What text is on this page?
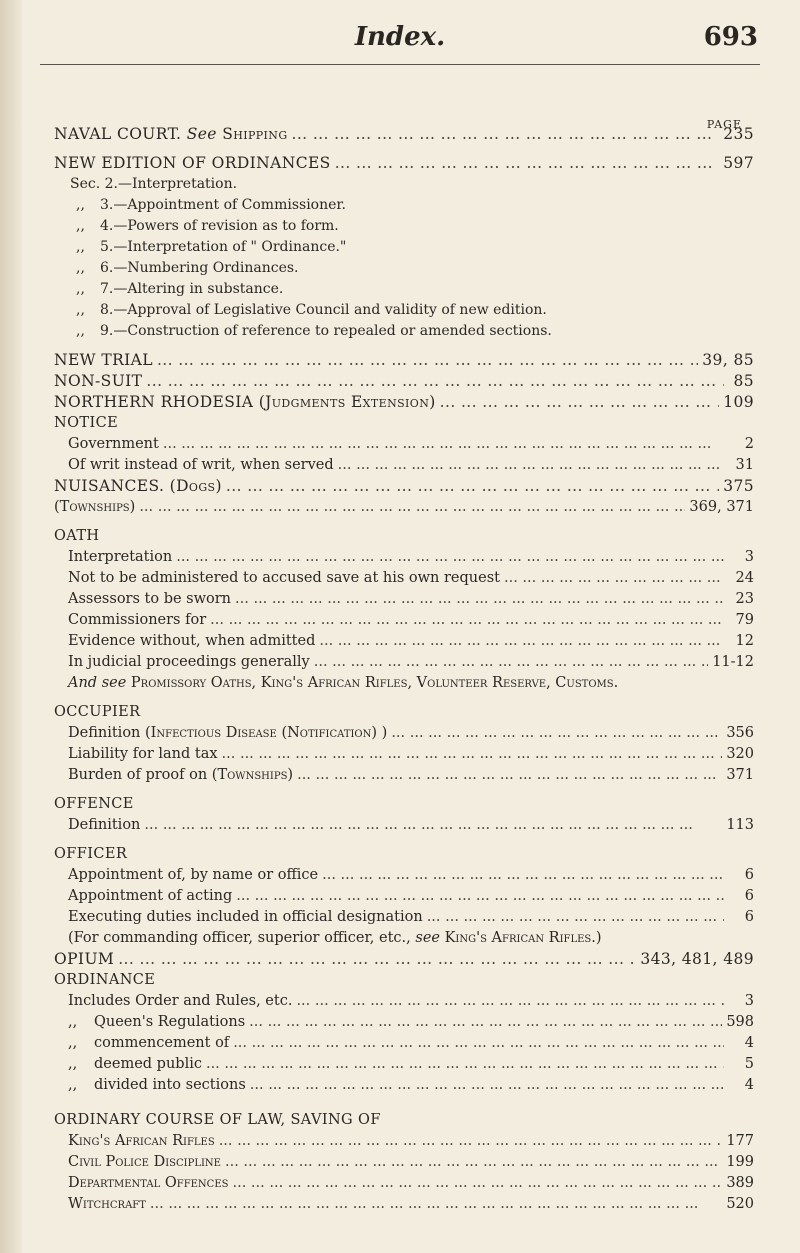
Index.	693
PAGE
NAVAL COURT. See Shipping ... .	235
NEW EDITION OF ORDINANCES ... .	597
Sec. 2.—Interpretation.
,, 3.—Appointment of Commissioner.
,, 4.—Powers of revision as to form.
,, 5.—Interpretation of " Ordinance."
,, 6.—Numbering Ordinances.
,, 7.—Altering in substance.
,, 8.—Approval of Legislative Council and validity of new edition.
,, 9.—Construction of reference to repealed or amended sections.
NEW TRIAL ... .	39, 85
NON-SUIT ... .	85
NORTHERN RHODESIA (Judgments Extension) ... .	109
NOTICE
Government ... .	2
Of writ instead of writ, when served ... .	31
NUISANCES. (Dogs) ... .	375
(Townships) ... .	369, 371
OATH
Interpretation ... .	3
Not to be administered to accused save at his own request ... .	24
Assessors to be sworn ... .	23
Commissioners for ... .	79
Evidence without, when admitted ... .	12
In judicial proceedings generally ... .	11-12
And see Promissory Oaths, King's African Rifles, Volunteer Reserve, Customs.
OCCUPIER
Definition (Infectious Disease (Notification) ) ... .	356
Liability for land tax ... .	320
Burden of proof on (Townships) ... .	371
OFFENCE
Definition ... .	113
OFFICER
Appointment of, by name or office ... .	6
Appointment of acting ... .	6
Executing duties included in official designation ... .	6
(For commanding officer, superior officer, etc., see King's African Rifles.)
OPIUM ... .	343, 481, 489
ORDINANCE
Includes Order and Rules, etc. ... .	3
,, Queen's Regulations ... .	598
,, commencement of ... .	4
,, deemed public ... .	5
,, divided into sections ... .	4
ORDINARY COURSE OF LAW, SAVING OF
King's African Rifles ... .	177
Civil Police Discipline ... .	199
Departmental Offences ... .	389
Witchcraft ... .	520
